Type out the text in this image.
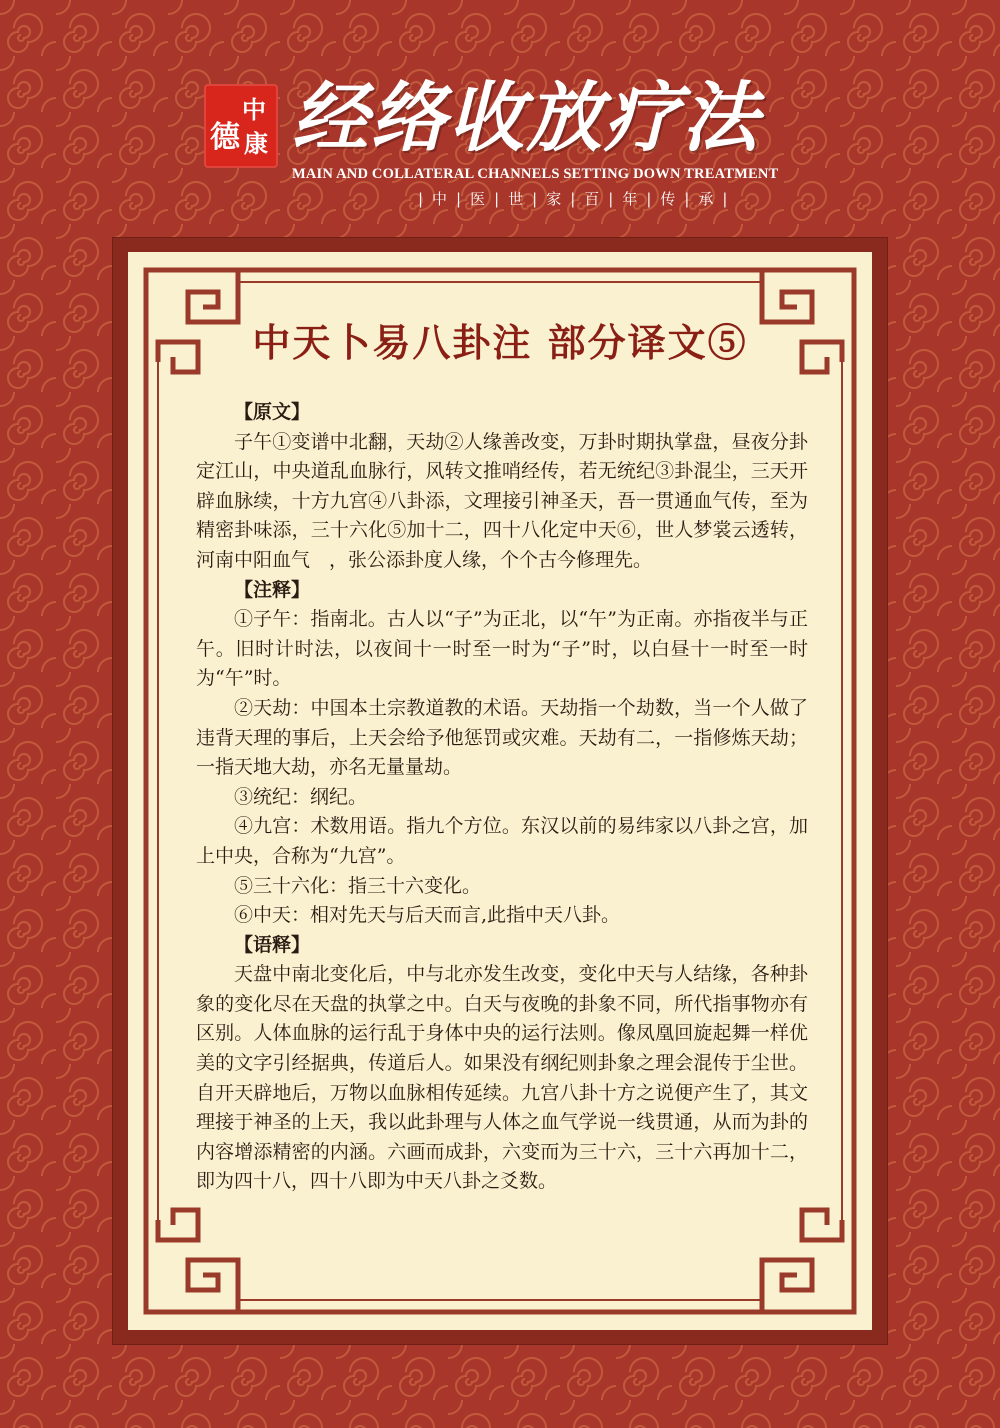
中
德 康 经络收放疗法
MAIN AND COLLATERAL CHANNELS SETTING DOWN TREATMENT
|中|医|世|家|百|年|传|承|
中天卜易八卦注 部分译文⑤

【原文】

子午①变谱中北翻，天劫②人缘善改变，万卦时期执掌盘，昼夜分卦定江山，中央道乱血脉行，风转文推哨经传，若无统纪③卦混尘，三天开辟血脉续，十方九宫④八卦添，文理接引神圣天，吾一贯通血气传，至为精密卦味添，三十六化⑤加十二，四十八化定中天⑥，世人梦裳云透转，河南中阳血气　，张公添卦度人缘，个个古今修理先。

【注释】

①子午：指南北。古人以“子”为正北，以“午”为正南。亦指夜半与正午。旧时计时法，以夜间十一时至一时为“子”时，以白昼十一时至一时为“午”时。

②天劫：中国本土宗教道教的术语。天劫指一个劫数，当一个人做了违背天理的事后，上天会给予他惩罚或灾难。天劫有二，一指修炼天劫；一指天地大劫，亦名无量量劫。

③统纪：纲纪。

④九宫：术数用语。指九个方位。东汉以前的易纬家以八卦之宫，加上中央，合称为“九宫”。

⑤三十六化：指三十六变化。

⑥中天：相对先天与后天而言,此指中天八卦。

【语释】

天盘中南北变化后，中与北亦发生改变，变化中天与人结缘，各种卦象的变化尽在天盘的执掌之中。白天与夜晚的卦象不同，所代指事物亦有区别。人体血脉的运行乱于身体中央的运行法则。像凤凰回旋起舞一样优美的文字引经据典，传道后人。如果没有纲纪则卦象之理会混传于尘世。自开天辟地后，万物以血脉相传延续。九宫八卦十方之说便产生了，其文理接于神圣的上天，我以此卦理与人体之血气学说一线贯通，从而为卦的内容增添精密的内涵。六画而成卦，六变而为三十六，三十六再加十二，即为四十八，四十八即为中天八卦之爻数。
